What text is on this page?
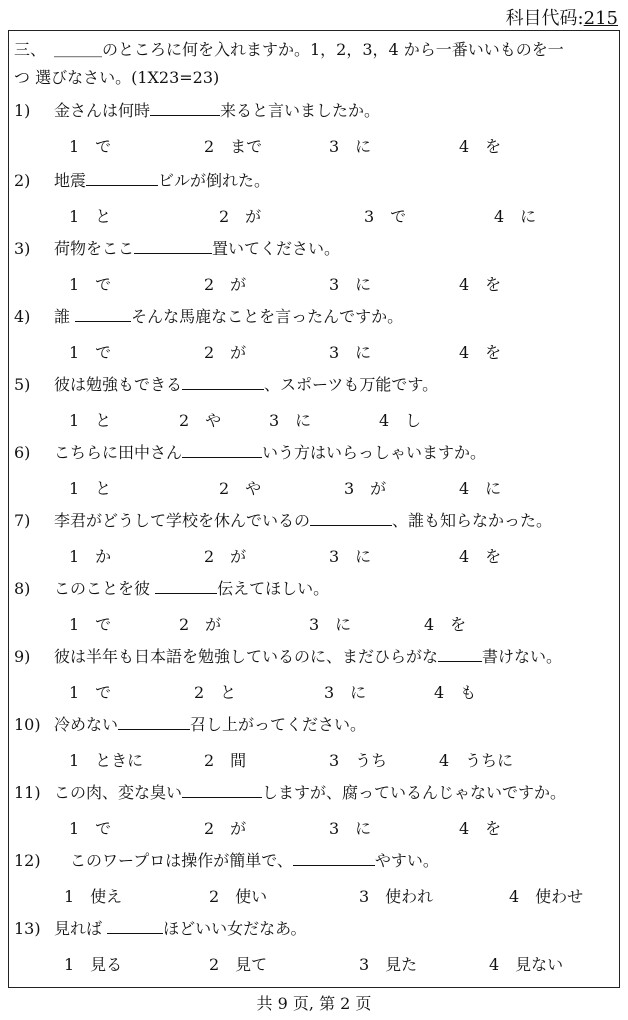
科目代码:215
三、　＿＿＿のところに何を入れますか。1，2，3，4 から一番いいものを一
つ 選びなさい。(1X23=23)
1) 金さんは何時	来ると言いましたか。
1　で	2　まで	3　に	4　を
2) 地震	ビルが倒れた。
1　と	2　が	3　で	4　に
3) 荷物をここ	置いてください。
1　で	2　が	3　に	4　を
4) 誰	そんな馬鹿なことを言ったんですか。
1　で	2　が	3　に	4　を
5) 彼は勉強もできる	、スポーツも万能です。
1　と	2　や	3　に	4　し
6) こちらに田中さん	いう方はいらっしゃいますか。
1　と	2　や	3　が	4　に
7) 李君がどうして学校を休んでいるの	、誰も知らなかった。
1　か	2　が	3　に	4　を
8) このことを彼	伝えてほしい。
1　で	2　が	3　に	4　を
9) 彼は半年も日本語を勉強しているのに、まだひらがな	書けない。
1　で	2　と	3　に	4　も
10) 冷めない	召し上がってください。
1　ときに	2　間	3　うち	4　うちに
11) この肉、変な臭い	しますが、腐っているんじゃないですか。
1　で	2　が	3　に	4　を
12)　このワープロは操作が簡単で、	やすい。
1　使え	2　使い	3　使われ	4　使わせ
13) 見れば	ほどいい女だなあ。
1　見る	2　見て	3　見た	4　見ない
共 9 页, 第 2 页
